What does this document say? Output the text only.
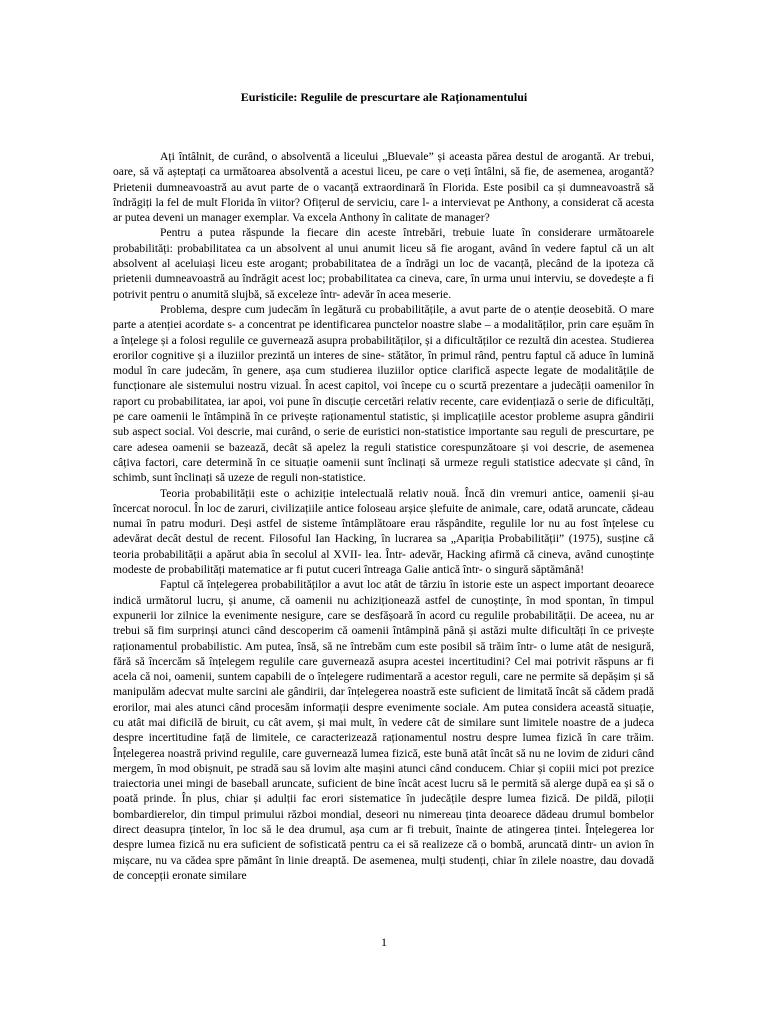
Euristicile: Regulile de prescurtare ale Raționamentului

Ați întâlnit, de curând, o absolventă a liceului „Bluevale” și aceasta părea destul de arogantă. Ar trebui, oare, să vă așteptați ca următoarea absolventă a acestui liceu, pe care o veți întâlni, să fie, de asemenea, arogantă? Prietenii dumneavoastră au avut parte de o vacanță extraordinară în Florida. Este posibil ca și dumneavoastră să îndrăgiți la fel de mult Florida în viitor? Ofițerul de serviciu, care l- a intervievat pe Anthony, a considerat că acesta ar putea deveni un manager exemplar. Va excela Anthony în calitate de manager?

Pentru a putea răspunde la fiecare din aceste întrebări, trebuie luate în considerare următoarele probabilități: probabilitatea ca un absolvent al unui anumit liceu să fie arogant, având în vedere faptul că un alt absolvent al aceluiași liceu este arogant; probabilitatea de a îndrăgi un loc de vacanță, plecând de la ipoteza că prietenii dumneavoastră au îndrăgit acest loc; probabilitatea ca cineva, care, în urma unui interviu, se dovedește a fi potrivit pentru o anumită slujbă, să exceleze într- adevăr în acea meserie.

Problema, despre cum judecăm în legătură cu probabilitățile, a avut parte de o atenție deosebită. O mare parte a atenției acordate s- a concentrat pe identificarea punctelor noastre slabe – a modalităților, prin care eșuăm în a înțelege și a folosi regulile ce guvernează asupra probabilităților, și a dificultăților ce rezultă din acestea. Studierea erorilor cognitive și a iluziilor prezintă un interes de sine- stătător, în primul rând, pentru faptul că aduce în lumină modul în care judecăm, în genere, așa cum studierea iluziilor optice clarifică aspecte legate de modalitățile de funcționare ale sistemului nostru vizual. În acest capitol, voi începe cu o scurtă prezentare a judecății oamenilor în raport cu probabilitatea, iar apoi, voi pune în discuție cercetări relativ recente, care evidențiază o serie de dificultăți, pe care oamenii le întâmpină în ce privește raționamentul statistic, și implicațiile acestor probleme asupra gândirii sub aspect social. Voi descrie, mai curând, o serie de euristici non-statistice importante sau reguli de prescurtare, pe care adesea oamenii se bazează, decât să apelez la reguli statistice corespunzătoare și voi descrie, de asemenea câțiva factori, care determină în ce situație oamenii sunt înclinați să urmeze reguli statistice adecvate și când, în schimb, sunt înclinați să uzeze de reguli non-statistice.

Teoria probabilității este o achiziție intelectuală relativ nouă. Încă din vremuri antice, oamenii și-au încercat norocul. În loc de zaruri, civilizațiile antice foloseau arșice șlefuite de animale, care, odată aruncate, cădeau numai în patru moduri. Deși astfel de sisteme întâmplătoare erau răspândite, regulile lor nu au fost înțelese cu adevărat decât destul de recent. Filosoful Ian Hacking, în lucrarea sa „Apariția Probabilității” (1975), susține că teoria probabilității a apărut abia în secolul al XVII- lea. Într- adevăr, Hacking afirmă că cineva, având cunoștințe modeste de probabilități matematice ar fi putut cuceri întreaga Galie antică într- o singură săptămână!

Faptul că înțelegerea probabilităților a avut loc atât de târziu în istorie este un aspect important deoarece indică următorul lucru, și anume, că oamenii nu achiziționează astfel de cunoștințe, în mod spontan, în timpul expunerii lor zilnice la evenimente nesigure, care se desfășoară în acord cu regulile probabilității. De aceea, nu ar trebui să fim surprinși atunci când descoperim că oamenii întâmpină până și astăzi multe dificultăți în ce privește raționamentul probabilistic. Am putea, însă, să ne întrebăm cum este posibil să trăim într- o lume atât de nesigură, fără să încercăm să înțelegem regulile care guvernează asupra acestei incertitudini? Cel mai potrivit răspuns ar fi acela că noi, oamenii, suntem capabili de o înțelegere rudimentară a acestor reguli, care ne permite să depășim și să manipulăm adecvat multe sarcini ale gândirii, dar înțelegerea noastră este suficient de limitată încât să cădem pradă erorilor, mai ales atunci când procesăm informații despre evenimente sociale. Am putea considera această situație, cu atât mai dificilă de biruit, cu cât avem, și mai mult, în vedere cât de similare sunt limitele noastre de a judeca despre incertitudine față de limitele, ce caracterizează raționamentul nostru despre lumea fizică în care trăim. Înțelegerea noastră privind regulile, care guvernează lumea fizică, este bună atât încât să nu ne lovim de zidurі când mergem, în mod obișnuit, pe stradă sau să lovim alte mașini atunci când conducem. Chiar și copiii mici pot prezice traiectoria unei mingi de baseball aruncate, suficient de bine încât acest lucru să le permită să alerge după ea și să o poată prinde. În plus, chiar și adulții fac erori sistematice în judecățile despre lumea fizică. De pildă, piloții bombardierelor, din timpul primului război mondial, deseori nu nimereau ținta deoarece dădeau drumul bombelor direct deasupra țintelor, în loc să le dea drumul, așa cum ar fi trebuit, înainte de atingerea țintei. Înțelegerea lor despre lumea fizică nu era suficient de sofisticată pentru ca ei să realizeze că o bombă, aruncată dintr- un avion în mișcare, nu va cădea spre pământ în linie dreaptă. De asemenea, mulți studenți, chiar în zilele noastre, dau dovadă de concepții eronate similare

1
